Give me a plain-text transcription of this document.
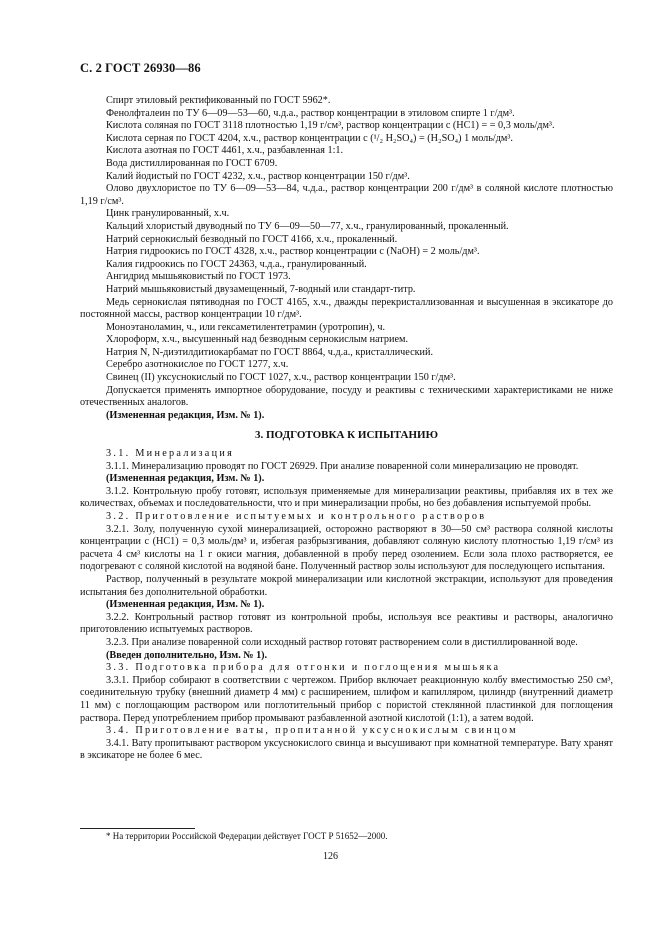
С. 2 ГОСТ 26930—86

Спирт этиловый ректификованный по ГОСТ 5962*.

Фенолфталеин по ТУ 6—09—53—60, ч.д.а., раствор концентрации в этиловом спирте 1 г/дм³.

Кислота соляная по ГОСТ 3118 плотностью 1,19 г/см³, раствор концентрации с (НС1) = = 0,3 моль/дм³.

Кислота серная по ГОСТ 4204, х.ч., раствор концентрации с (¹/₂ H₂SO₄) = (H₂SO₄) 1 моль/дм³.

Кислота азотная по ГОСТ 4461, х.ч., разбавленная 1:1.

Вода дистиллированная по ГОСТ 6709.

Калий йодистый по ГОСТ 4232, х.ч., раствор концентрации 150 г/дм³.

Олово двухлористое по ТУ 6—09—53—84, ч.д.а., раствор концентрации 200 г/дм³ в соляной кислоте плотностью 1,19 г/см³.

Цинк гранулированный, х.ч.

Кальций хлористый двуводный по ТУ 6—09—50—77, х.ч., гранулированный, прокаленный.

Натрий сернокислый безводный по ГОСТ 4166, х.ч., прокаленный.

Натрия гидроокись по ГОСТ 4328, х.ч., раствор концентрации с (NaOH) = 2 моль/дм³.

Калия гидроокись по ГОСТ 24363, ч.д.а., гранулированный.

Ангидрид мышьяковистый по ГОСТ 1973.

Натрий мышьяковистый двузамещенный, 7-водный или стандарт-титр.

Медь сернокислая пятиводная по ГОСТ 4165, х.ч., дважды перекристаллизованная и высушенная в эксикаторе до постоянной массы, раствор концентрации 10 г/дм³.

Моноэтаноламин, ч., или гексаметилентетрамин (уротропин), ч.

Хлороформ, х.ч., высушенный над безводным сернокислым натрием.

Натрия N, N-диэтилдитиокарбамат по ГОСТ 8864, ч.д.а., кристаллический.

Серебро азотнокислое по ГОСТ 1277, х.ч.

Свинец (II) уксуснокислый по ГОСТ 1027, х.ч., раствор концентрации 150 г/дм³.

Допускается применять импортное оборудование, посуду и реактивы с техническими характеристиками не ниже отечественных аналогов.

(Измененная редакция, Изм. № 1).

3. ПОДГОТОВКА К ИСПЫТАНИЮ

3.1. Минерализация

3.1.1. Минерализацию проводят по ГОСТ 26929. При анализе поваренной соли минерализацию не проводят.

(Измененная редакция, Изм. № 1).

3.1.2. Контрольную пробу готовят, используя применяемые для минерализации реактивы, прибавляя их в тех же количествах, объемах и последовательности, что и при минерализации пробы, но без добавления испытуемой пробы.

3.2. Приготовление испытуемых и контрольного растворов

3.2.1. Золу, полученную сухой минерализацией, осторожно растворяют в 30—50 см³ раствора соляной кислоты концентрации с (НС1) = 0,3 моль/дм³ и, избегая разбрызгивания, добавляют соляную кислоту плотностью 1,19 г/см³ из расчета 4 см³ кислоты на 1 г окиси магния, добавленной в пробу перед озолением. Если зола плохо растворяется, ее подогревают с соляной кислотой на водяной бане. Полученный раствор золы используют для последующего испытания.

Раствор, полученный в результате мокрой минерализации или кислотной экстракции, используют для проведения испытания без дополнительной обработки.

(Измененная редакция, Изм. № 1).

3.2.2. Контрольный раствор готовят из контрольной пробы, используя все реактивы и растворы, аналогично приготовлению испытуемых растворов.

3.2.3. При анализе поваренной соли исходный раствор готовят растворением соли в дистиллированной воде.

(Введен дополнительно, Изм. № 1).

3.3. Подготовка прибора для отгонки и поглощения мышьяка

3.3.1. Прибор собирают в соответствии с чертежом. Прибор включает реакционную колбу вместимостью 250 см³, соединительную трубку (внешний диаметр 4 мм) с расширением, шлифом и капилляром, цилиндр (внутренний диаметр 11 мм) с поглощающим раствором или поглотительный прибор с пористой стеклянной пластинкой для поглощения раствора. Перед употреблением прибор промывают разбавленной азотной кислотой (1:1), а затем водой.

3.4. Приготовление ваты, пропитанной уксуснокислым свинцом

3.4.1. Вату пропитывают раствором уксуснокислого свинца и высушивают при комнатной температуре. Вату хранят в эксикаторе не более 6 мес.

* На территории Российской Федерации действует ГОСТ Р 51652—2000.
126
